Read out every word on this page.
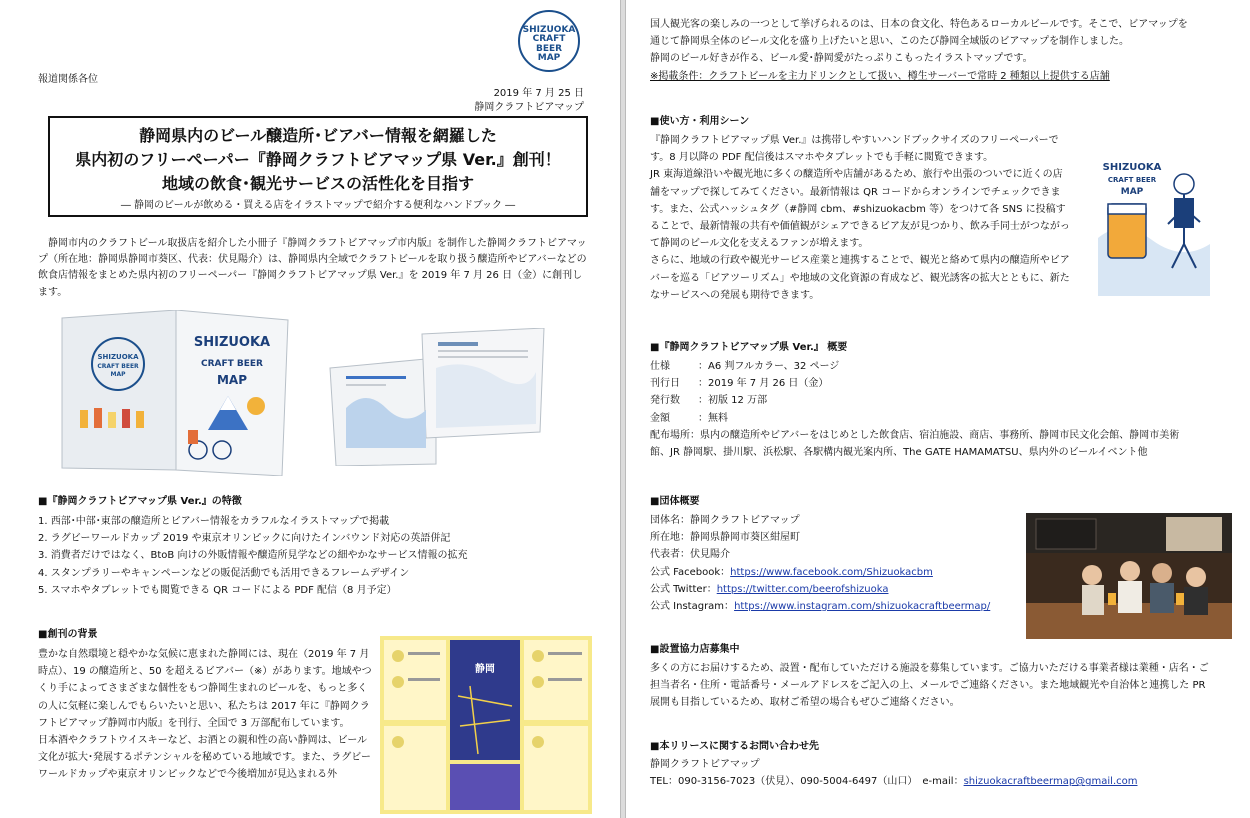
SHIZUOKA
CRAFT BEER
MAP
報道関係各位
2019 年 7 月 25 日
静岡クラフトビアマップ
静岡県内のビール醸造所･ビアバー情報を網羅した
県内初のフリーペーパー『静岡クラフトビアマップ県 Ver.』創刊！
地域の飲食･観光サービスの活性化を目指す
― 静岡のビールが飲める・買える店をイラストマップで紹介する便利なハンドブック ―

静岡市内のクラフトビール取扱店を紹介した小冊子『静岡クラフトビアマップ市内版』を制作した静岡クラフトビアマップ（所在地：静岡県静岡市葵区、代表：伏見陽介）は、静岡県内全域でクラフトビールを取り扱う醸造所やビアバーなどの飲食店情報をまとめた県内初のフリーペーパー『静岡クラフトビアマップ県 Ver.』を 2019 年 7 月 26 日（金）に創刊します。

SHIZUOKA
CRAFT BEER
MAP
SHIZUOKA
CRAFT BEER
MAP
■『静岡クラフトビアマップ県 Ver.』の特徴
1. 西部･中部･東部の醸造所とビアバー情報をカラフルなイラストマップで掲載
2. ラグビーワールドカップ 2019 や東京オリンピックに向けたインバウンド対応の英語併記
3. 消費者だけではなく、BtoB 向けの外販情報や醸造所見学などの細やかなサービス情報の拡充
4. スタンプラリーやキャンペーンなどの販促活動でも活用できるフレームデザイン
5. スマホやタブレットでも閲覧できる QR コードによる PDF 配信（8 月予定）
■創刊の背景

豊かな自然環境と穏やかな気候に恵まれた静岡には、現在（2019 年 7 月時点）、19 の醸造所と、50 を超えるビアバー（※）があります。地域やつくり手によってさまざまな個性をもつ静岡生まれのビールを、もっと多くの人に気軽に楽しんでもらいたいと思い、私たちは 2017 年に『静岡クラフトビアマップ静岡市内版』を刊行、全国で 3 万部配布しています。

日本酒やクラフトウイスキーなど、お酒との親和性の高い静岡は、ビール文化が拡大･発展するポテンシャルを秘めている地域です。また、ラグビーワールドカップや東京オリンピックなどで今後増加が見込まれる外

静岡

国人観光客の楽しみの一つとして挙げられるのは、日本の食文化、特色あるローカルビールです。そこで、ビアマップを通じて静岡県全体のビール文化を盛り上げたいと思い、このたび静岡全域版のビアマップを制作しました。

静岡のビール好きが作る、ビール愛･静岡愛がたっぷりこもったイラストマップです。

※掲載条件：クラフトビールを主力ドリンクとして扱い、樽生サーバーで常時 2 種類以上提供する店舗

■使い方・利用シーン

『静岡クラフトビアマップ県 Ver.』は携帯しやすいハンドブックサイズのフリーペーパーです。8 月以降の PDF 配信後はスマホやタブレットでも手軽に閲覧できます。

JR 東海道線沿いや観光地に多くの醸造所や店舗があるため、旅行や出張のついでに近くの店舗をマップで探してみてください。最新情報は QR コードからオンラインでチェックできます。また、公式ハッシュタグ（#静岡 cbm、#shizuokacbm 等）をつけて各 SNS に投稿することで、最新情報の共有や価値観がシェアできるビア友が見つかり、飲み手同士がつながって静岡のビール文化を支えるファンが増えます。

さらに、地域の行政や観光サービス産業と連携することで、観光と絡めて県内の醸造所やビアバーを巡る「ビアツーリズム」や地域の文化資源の育成など、観光誘客の拡大とともに、新たなサービスへの発展も期待できます。

SHIZUOKA
CRAFT BEER
MAP
■『静岡クラフトビアマップ県 Ver.』 概要
仕様	：A6 判フルカラー、32 ページ
刊行日	：2019 年 7 月 26 日（金）
発行数	：初版 12 万部
金額	：無料

配布場所：県内の醸造所やビアバーをはじめとした飲食店、宿泊施設、商店、事務所、静岡市民文化会館、静岡市美術館、JR 静岡駅、掛川駅、浜松駅、各駅構内観光案内所、The GATE HAMAMATSU、県内外のビールイベント他

■団体概要

団体名：静岡クラフトビアマップ

所在地：静岡県静岡市葵区紺屋町

代表者：伏見陽介

公式 Facebook：https://www.facebook.com/Shizuokacbm

公式 Twitter：https://twitter.com/beerofshizuoka

公式 Instagram：https://www.instagram.com/shizuokacraftbeermap/

■設置協力店募集中

多くの方にお届けするため、設置・配布していただける施設を募集しています。ご協力いただける事業者様は業種・店名・ご担当者名・住所・電話番号・メールアドレスをご記入の上、メールでご連絡ください。また地域観光や自治体と連携した PR 展開も目指しているため、取材ご希望の場合もぜひご連絡ください。

■本リリースに関するお問い合わせ先

静岡クラフトビアマップ

TEL：090-3156-7023（伏見）、090-5004-6497（山口）　e-mail：shizuokacraftbeermap@gmail.com
